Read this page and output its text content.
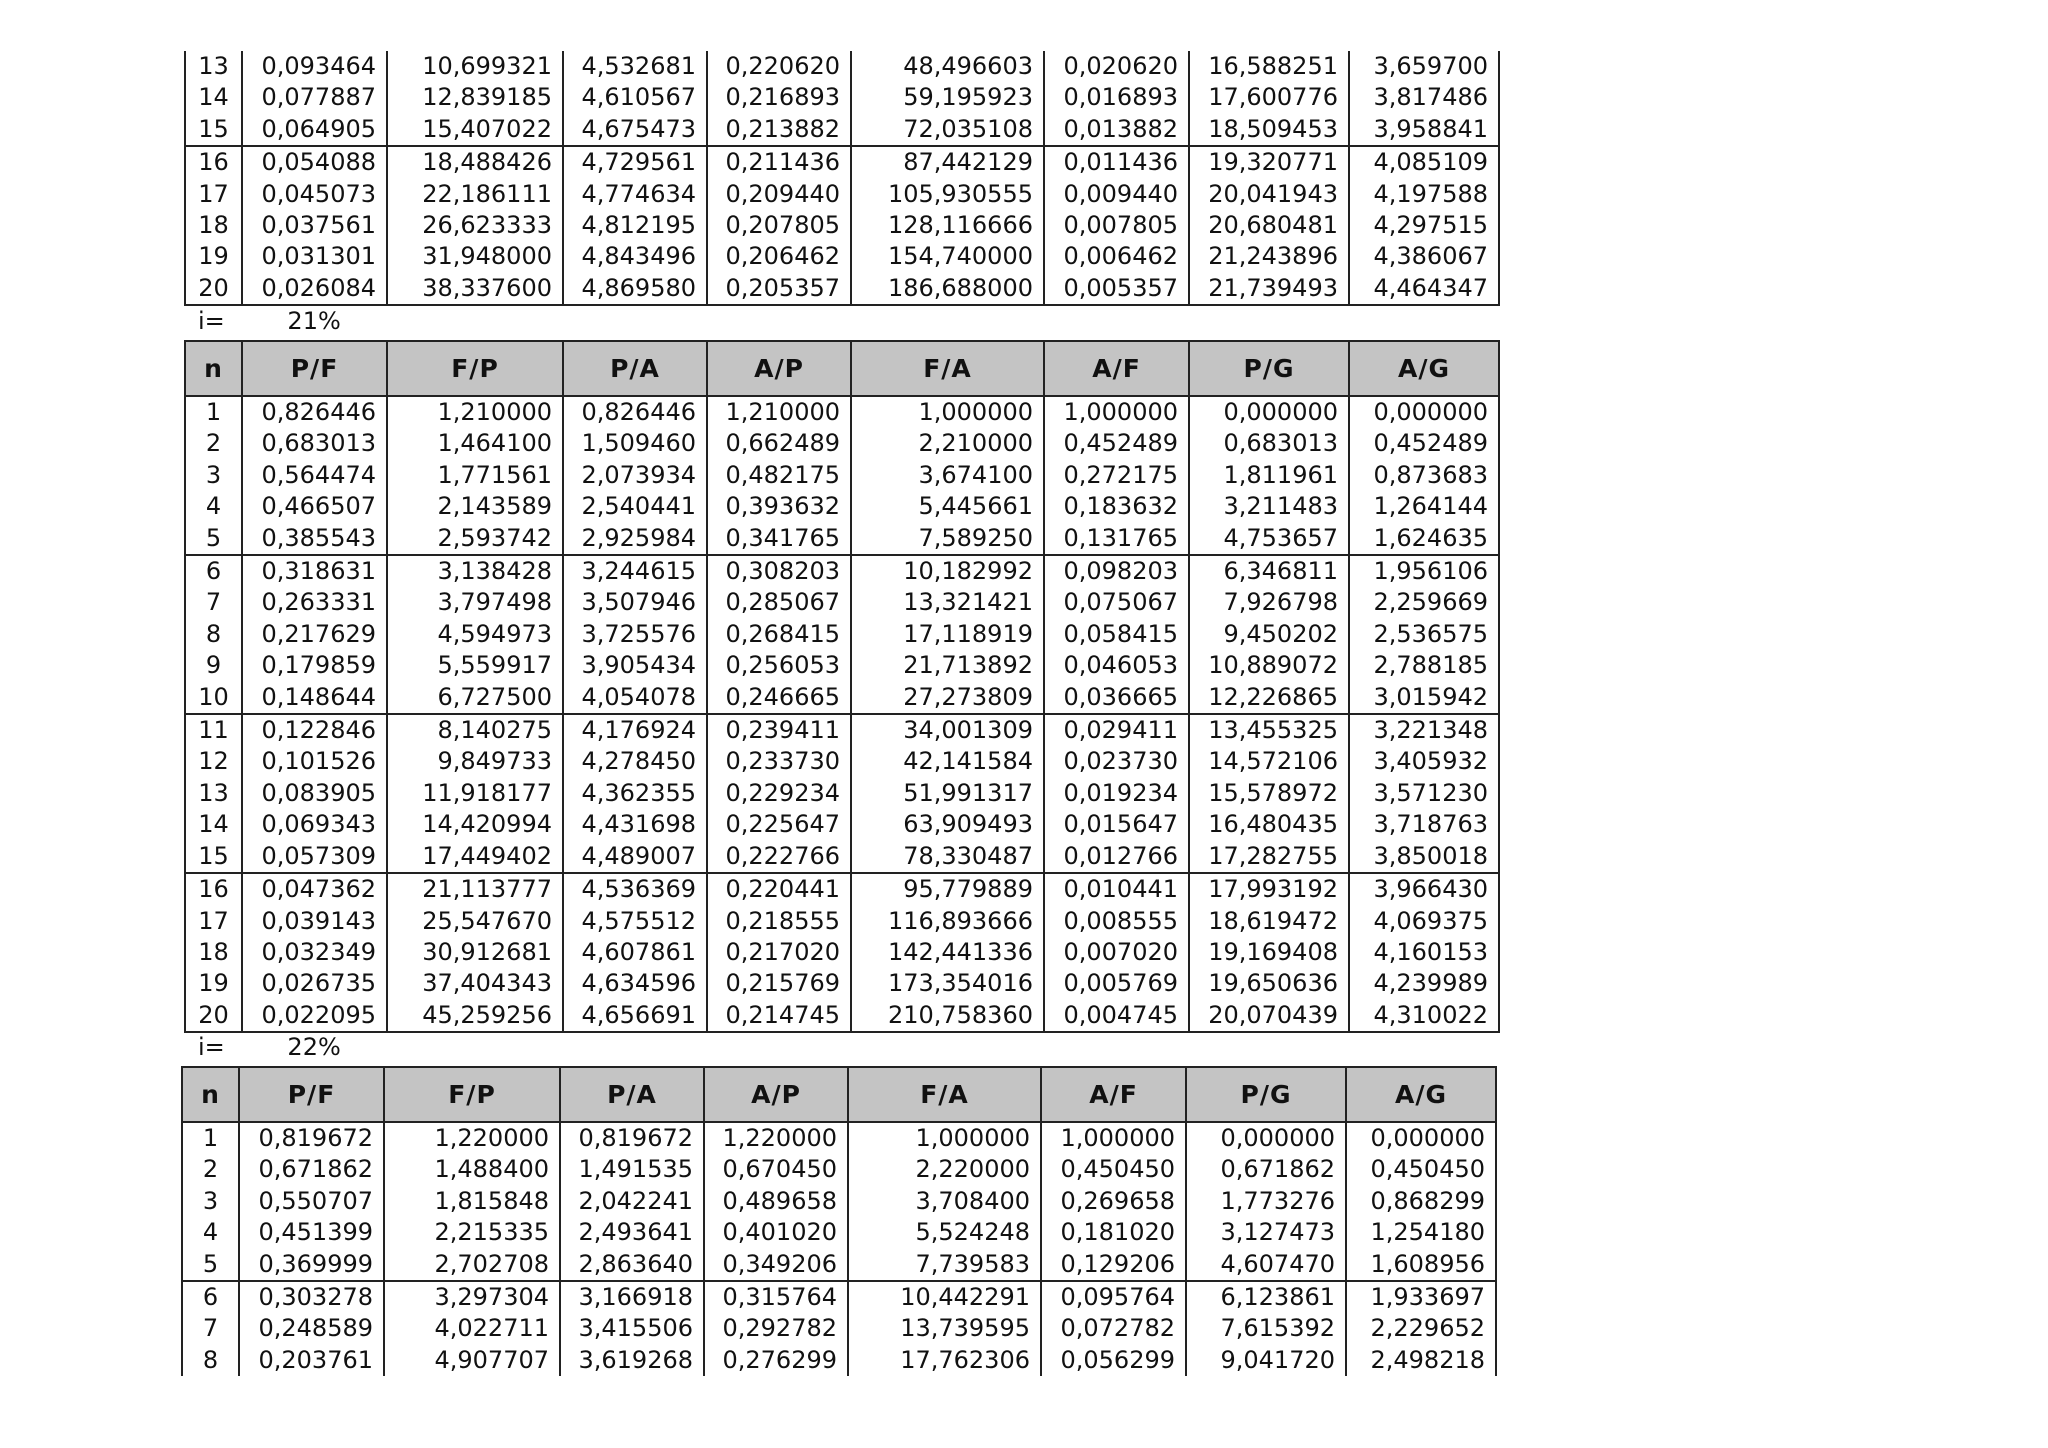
13	0,093464	10,699321	4,532681	0,220620	48,496603	0,020620	16,588251	3,659700
14	0,077887	12,839185	4,610567	0,216893	59,195923	0,016893	17,600776	3,817486
15	0,064905	15,407022	4,675473	0,213882	72,035108	0,013882	18,509453	3,958841
16	0,054088	18,488426	4,729561	0,211436	87,442129	0,011436	19,320771	4,085109
17	0,045073	22,186111	4,774634	0,209440	105,930555	0,009440	20,041943	4,197588
18	0,037561	26,623333	4,812195	0,207805	128,116666	0,007805	20,680481	4,297515
19	0,031301	31,948000	4,843496	0,206462	154,740000	0,006462	21,243896	4,386067
20	0,026084	38,337600	4,869580	0,205357	186,688000	0,005357	21,739493	4,464347
i=	21%
n	P/F	F/P	P/A	A/P	F/A	A/F	P/G	A/G
1	0,826446	1,210000	0,826446	1,210000	1,000000	1,000000	0,000000	0,000000
2	0,683013	1,464100	1,509460	0,662489	2,210000	0,452489	0,683013	0,452489
3	0,564474	1,771561	2,073934	0,482175	3,674100	0,272175	1,811961	0,873683
4	0,466507	2,143589	2,540441	0,393632	5,445661	0,183632	3,211483	1,264144
5	0,385543	2,593742	2,925984	0,341765	7,589250	0,131765	4,753657	1,624635
6	0,318631	3,138428	3,244615	0,308203	10,182992	0,098203	6,346811	1,956106
7	0,263331	3,797498	3,507946	0,285067	13,321421	0,075067	7,926798	2,259669
8	0,217629	4,594973	3,725576	0,268415	17,118919	0,058415	9,450202	2,536575
9	0,179859	5,559917	3,905434	0,256053	21,713892	0,046053	10,889072	2,788185
10	0,148644	6,727500	4,054078	0,246665	27,273809	0,036665	12,226865	3,015942
11	0,122846	8,140275	4,176924	0,239411	34,001309	0,029411	13,455325	3,221348
12	0,101526	9,849733	4,278450	0,233730	42,141584	0,023730	14,572106	3,405932
13	0,083905	11,918177	4,362355	0,229234	51,991317	0,019234	15,578972	3,571230
14	0,069343	14,420994	4,431698	0,225647	63,909493	0,015647	16,480435	3,718763
15	0,057309	17,449402	4,489007	0,222766	78,330487	0,012766	17,282755	3,850018
16	0,047362	21,113777	4,536369	0,220441	95,779889	0,010441	17,993192	3,966430
17	0,039143	25,547670	4,575512	0,218555	116,893666	0,008555	18,619472	4,069375
18	0,032349	30,912681	4,607861	0,217020	142,441336	0,007020	19,169408	4,160153
19	0,026735	37,404343	4,634596	0,215769	173,354016	0,005769	19,650636	4,239989
20	0,022095	45,259256	4,656691	0,214745	210,758360	0,004745	20,070439	4,310022
i=	22%
n	P/F	F/P	P/A	A/P	F/A	A/F	P/G	A/G
1	0,819672	1,220000	0,819672	1,220000	1,000000	1,000000	0,000000	0,000000
2	0,671862	1,488400	1,491535	0,670450	2,220000	0,450450	0,671862	0,450450
3	0,550707	1,815848	2,042241	0,489658	3,708400	0,269658	1,773276	0,868299
4	0,451399	2,215335	2,493641	0,401020	5,524248	0,181020	3,127473	1,254180
5	0,369999	2,702708	2,863640	0,349206	7,739583	0,129206	4,607470	1,608956
6	0,303278	3,297304	3,166918	0,315764	10,442291	0,095764	6,123861	1,933697
7	0,248589	4,022711	3,415506	0,292782	13,739595	0,072782	7,615392	2,229652
8	0,203761	4,907707	3,619268	0,276299	17,762306	0,056299	9,041720	2,498218
